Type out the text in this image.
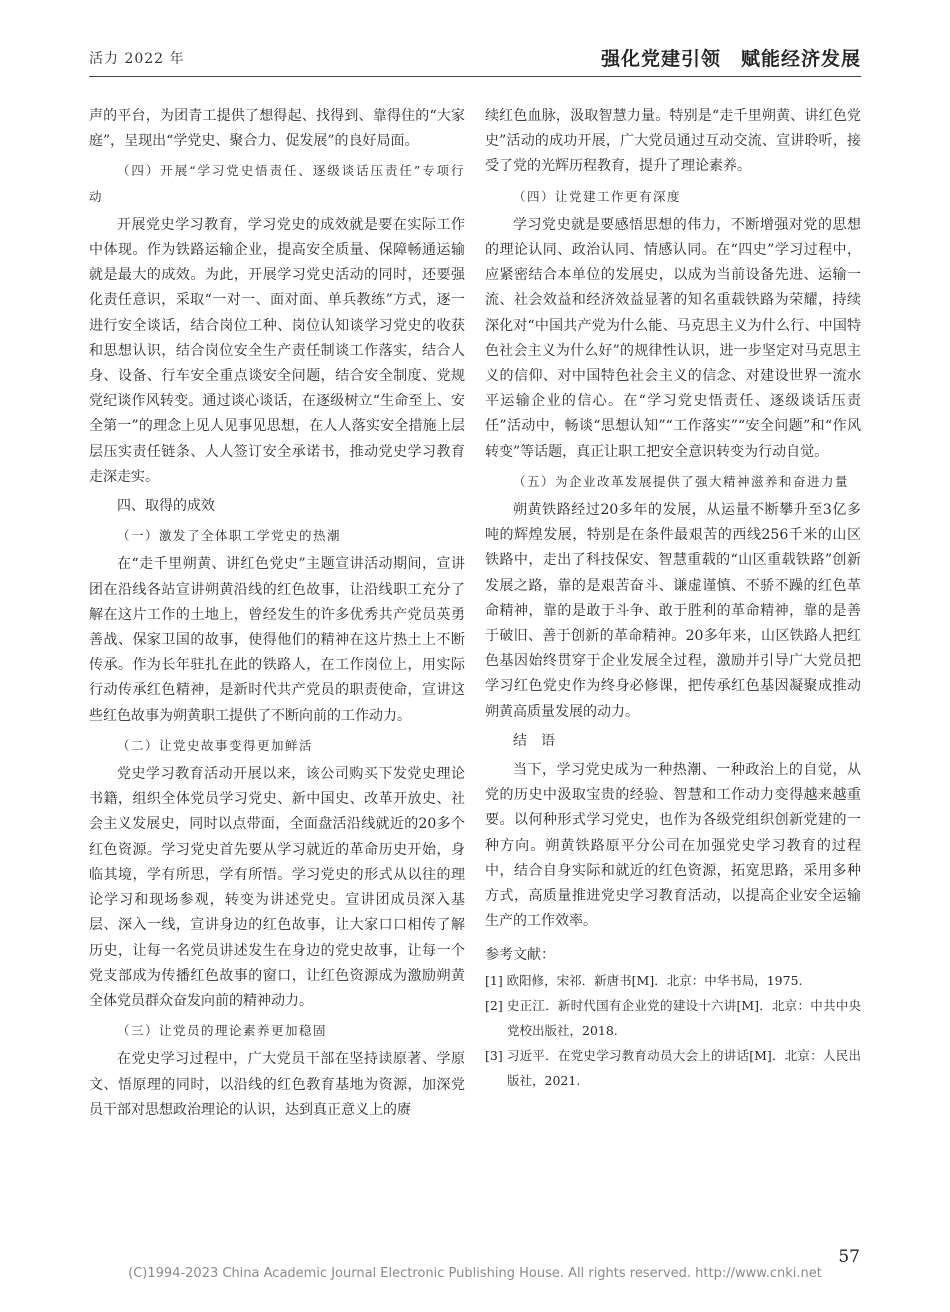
活力 2022 年	强化党建引领　赋能经济发展

声的平台，为团青工提供了想得起、找得到、靠得住的“大家庭”，呈现出“学党史、聚合力、促发展”的良好局面。

（四）开展“学习党史悟责任、逐级谈话压责任”专项行动

开展党史学习教育，学习党史的成效就是要在实际工作中体现。作为铁路运输企业，提高安全质量、保障畅通运输就是最大的成效。为此，开展学习党史活动的同时，还要强化责任意识，采取“一对一、面对面、单兵教练”方式，逐一进行安全谈话，结合岗位工种、岗位认知谈学习党史的收获和思想认识，结合岗位安全生产责任制谈工作落实，结合人身、设备、行车安全重点谈安全问题，结合安全制度、党规党纪谈作风转变。通过谈心谈话，在逐级树立“生命至上、安全第一”的理念上见人见事见思想，在人人落实安全措施上层层压实责任链条、人人签订安全承诺书，推动党史学习教育走深走实。

四、取得的成效

（一）激发了全体职工学党史的热潮

在“走千里朔黄、讲红色党史”主题宣讲活动期间，宣讲团在沿线各站宣讲朔黄沿线的红色故事，让沿线职工充分了解在这片工作的土地上，曾经发生的许多优秀共产党员英勇善战、保家卫国的故事，使得他们的精神在这片热土上不断传承。作为长年驻扎在此的铁路人，在工作岗位上，用实际行动传承红色精神，是新时代共产党员的职责使命，宣讲这些红色故事为朔黄职工提供了不断向前的工作动力。

（二）让党史故事变得更加鲜活

党史学习教育活动开展以来，该公司购买下发党史理论书籍，组织全体党员学习党史、新中国史、改革开放史、社会主义发展史，同时以点带面，全面盘活沿线就近的20多个红色资源。学习党史首先要从学习就近的革命历史开始，身临其境，学有所思，学有所悟。学习党史的形式从以往的理论学习和现场参观，转变为讲述党史。宣讲团成员深入基层、深入一线，宣讲身边的红色故事，让大家口口相传了解历史，让每一名党员讲述发生在身边的党史故事，让每一个党支部成为传播红色故事的窗口，让红色资源成为激励朔黄全体党员群众奋发向前的精神动力。

（三）让党员的理论素养更加稳固

在党史学习过程中，广大党员干部在坚持读原著、学原文、悟原理的同时，以沿线的红色教育基地为资源，加深党员干部对思想政治理论的认识，达到真正意义上的赓

续红色血脉，汲取智慧力量。特别是“走千里朔黄、讲红色党史”活动的成功开展，广大党员通过互动交流、宣讲聆听，接受了党的光辉历程教育，提升了理论素养。

（四）让党建工作更有深度

学习党史就是要感悟思想的伟力，不断增强对党的思想的理论认同、政治认同、情感认同。在“四史”学习过程中，应紧密结合本单位的发展史，以成为当前设备先进、运输一流、社会效益和经济效益显著的知名重载铁路为荣耀，持续深化对“中国共产党为什么能、马克思主义为什么行、中国特色社会主义为什么好”的规律性认识，进一步坚定对马克思主义的信仰、对中国特色社会主义的信念、对建设世界一流水平运输企业的信心。在“学习党史悟责任、逐级谈话压责任”活动中，畅谈“思想认知”“工作落实”“安全问题”和“作风转变”等话题，真正让职工把安全意识转变为行动自觉。

（五）为企业改革发展提供了强大精神滋养和奋进力量

朔黄铁路经过20多年的发展，从运量不断攀升至3亿多吨的辉煌发展，特别是在条件最艰苦的西线256千米的山区铁路中，走出了科技保安、智慧重载的“山区重载铁路”创新发展之路，靠的是艰苦奋斗、谦虚谨慎、不骄不躁的红色革命精神，靠的是敢于斗争、敢于胜利的革命精神，靠的是善于破旧、善于创新的革命精神。20多年来，山区铁路人把红色基因始终贯穿于企业发展全过程，激励并引导广大党员把学习红色党史作为终身必修课，把传承红色基因凝聚成推动朔黄高质量发展的动力。

结　语

当下，学习党史成为一种热潮、一种政治上的自觉，从党的历史中汲取宝贵的经验、智慧和工作动力变得越来越重要。以何种形式学习党史，也作为各级党组织创新党建的一种方向。朔黄铁路原平分公司在加强党史学习教育的过程中，结合自身实际和就近的红色资源，拓宽思路，采用多种方式，高质量推进党史学习教育活动，以提高企业安全运输生产的工作效率。

参考文献：

[1] 欧阳修，宋祁．新唐书[M]．北京：中华书局，1975.

[2] 史正江．新时代国有企业党的建设十六讲[M]．北京：中共中央党校出版社，2018.

[3] 习近平．在党史学习教育动员大会上的讲话[M]．北京：人民出版社，2021.

57
(C)1994-2023 China Academic Journal Electronic Publishing House. All rights reserved. http://www.cnki.net
